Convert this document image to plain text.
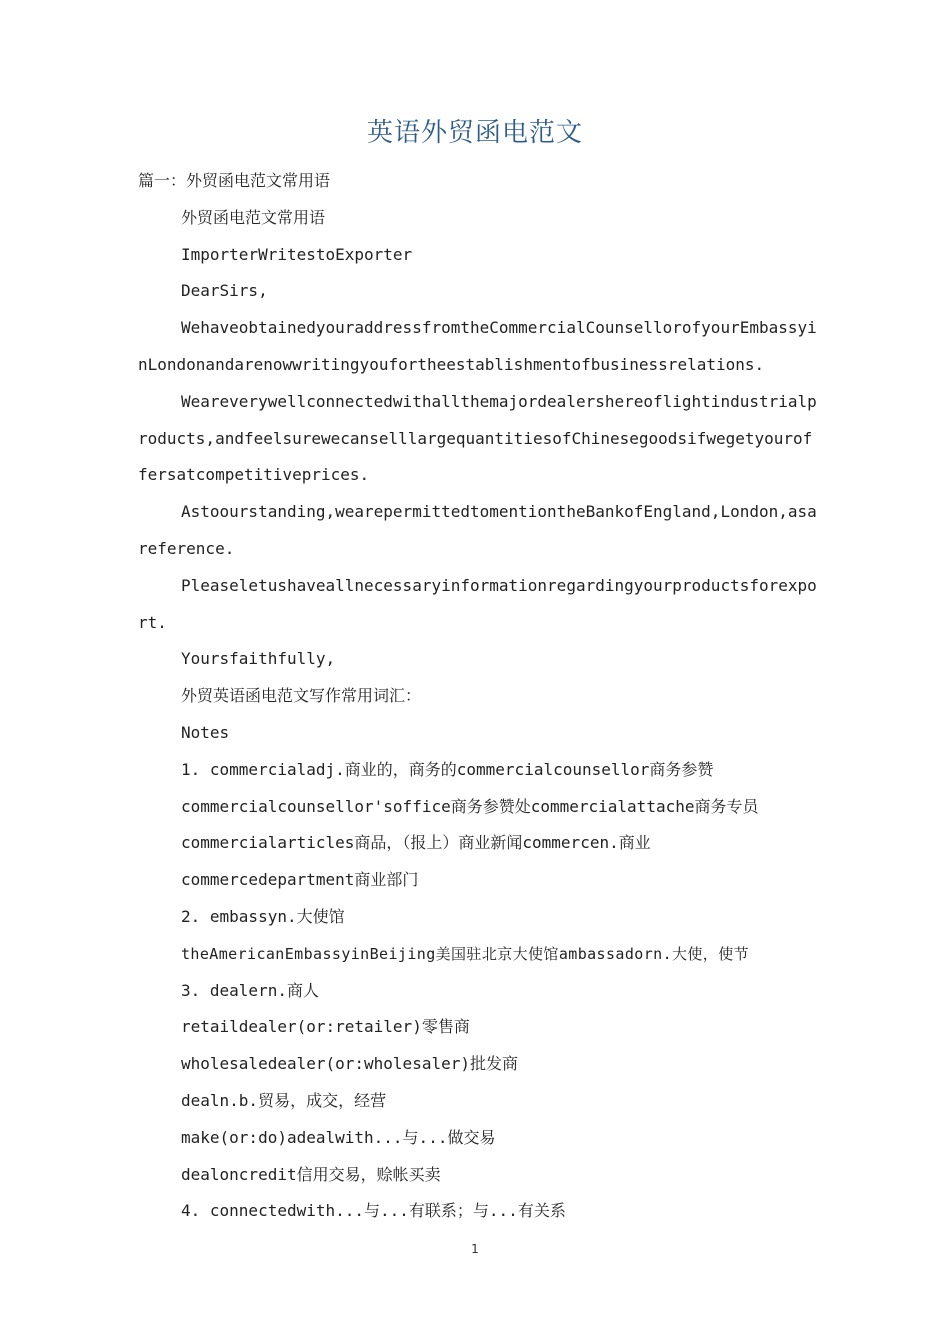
英语外贸函电范文
篇一：外贸函电范文常用语
外贸函电范文常用语
ImporterWritestoExporter
DearSirs,
WehaveobtainedyouraddressfromtheCommercialCounsellorofyourEmbassyi
nLondonandarenowwritingyoufortheestablishmentofbusinessrelations.
Weareverywellconnectedwithallthemajordealershereoflightindustrialp
roducts,andfeelsurewecanselllargequantitiesofChinesegoodsifwegetyourof
fersatcompetitiveprices.
Astoourstanding,wearepermittedtomentiontheBankofEngland,London,asa
reference.
Pleaseletushaveallnecessaryinformationregardingyourproductsforexpo
rt.
Yoursfaithfully,
外贸英语函电范文写作常用词汇：
Notes
1. commercialadj.商业的，商务的commercialcounsellor商务参赞
commercialcounsellor'soffice商务参赞处commercialattache商务专员
commercialarticles商品，（报上）商业新闻commercen.商业
commercedepartment商业部门
2. embassyn.大使馆
theAmericanEmbassyinBeijing美国驻北京大使馆ambassadorn.大使，使节
3. dealern.商人
retaildealer(or:retailer)零售商
wholesaledealer(or:wholesaler)批发商
dealn.b.贸易，成交，经营
make(or:do)adealwith...与...做交易
dealoncredit信用交易，赊帐买卖
4. connectedwith...与...有联系；与...有关系
1
